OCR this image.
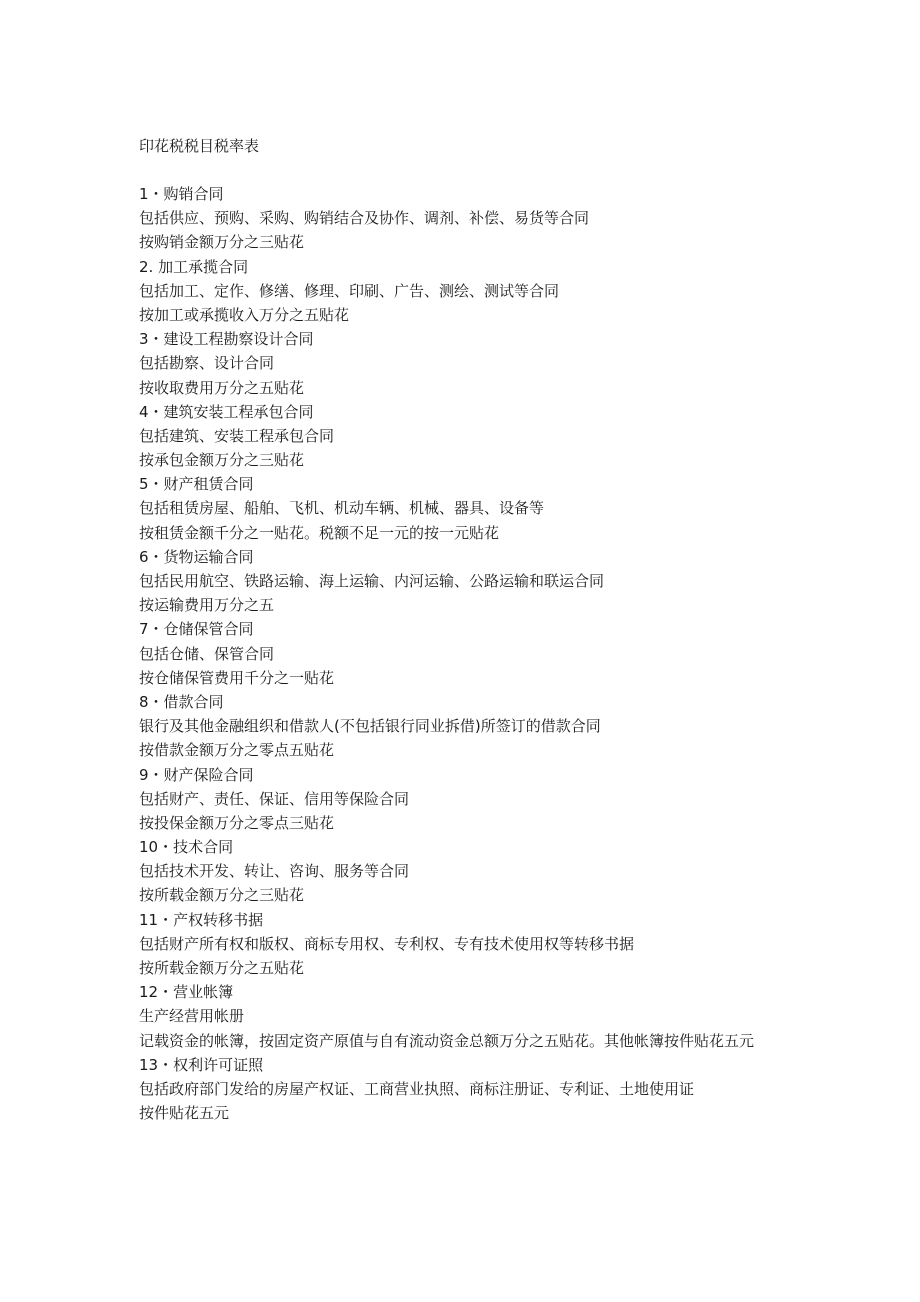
印花税税目税率表
1・购销合同
包括供应、预购、采购、购销结合及协作、调剂、补偿、易货等合同
按购销金额万分之三贴花
2. 加工承揽合同
包括加工、定作、修缮、修理、印刷、广告、测绘、测试等合同
按加工或承揽收入万分之五贴花
3・建设工程勘察设计合同
包括勘察、设计合同
按收取费用万分之五贴花
4・建筑安装工程承包合同
包括建筑、安装工程承包合同
按承包金额万分之三贴花
5・财产租赁合同
包括租赁房屋、船舶、飞机、机动车辆、机械、器具、设备等
按租赁金额千分之一贴花。税额不足一元的按一元贴花
6・货物运输合同
包括民用航空、铁路运输、海上运输、内河运输、公路运输和联运合同
按运输费用万分之五
7・仓储保管合同
包括仓储、保管合同
按仓储保管费用千分之一贴花
8・借款合同
银行及其他金融组织和借款人(不包括银行同业拆借)所签订的借款合同
按借款金额万分之零点五贴花
9・财产保险合同
包括财产、责任、保证、信用等保险合同
按投保金额万分之零点三贴花
10・技术合同
包括技术开发、转让、咨询、服务等合同
按所载金额万分之三贴花
11・产权转移书据
包括财产所有权和版权、商标专用权、专利权、专有技术使用权等转移书据
按所载金额万分之五贴花
12・营业帐簿
生产经营用帐册
记载资金的帐簿，按固定资产原值与自有流动资金总额万分之五贴花。其他帐簿按件贴花五元
13・权利许可证照
包括政府部门发给的房屋产权证、工商营业执照、商标注册证、专利证、土地使用证
按件贴花五元
